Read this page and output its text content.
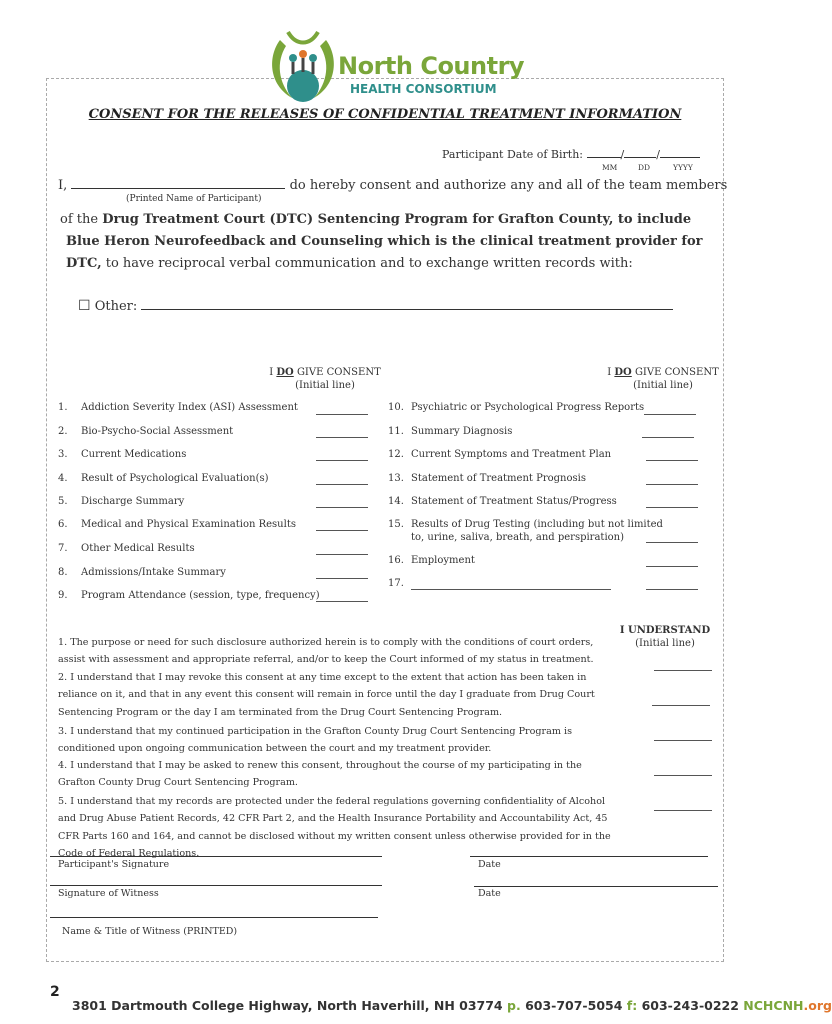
North Country
HEALTH CONSORTIUM
CONSENT FOR THE RELEASES OF CONFIDENTIAL TREATMENT INFORMATION
Participant Date of Birth:	/	/
MM	DD	YYYY
I,	do hereby consent and authorize any and all of the team members
(Printed Name of Participant)
of the Drug Treatment Court (DTC) Sentencing Program for Grafton County, to include
Blue Heron Neurofeedback and Counseling which is the clinical treatment provider for
DTC, to have reciprocal verbal communication and to exchange written records with:
☐ Other:
I DO GIVE CONSENT
(Initial line)
I DO GIVE CONSENT
(Initial line)
1. Addiction Severity Index (ASI) Assessment
2. Bio-Psycho-Social Assessment
3. Current Medications
4. Result of Psychological Evaluation(s)
5. Discharge Summary
6. Medical and Physical Examination Results
7. Other Medical Results
8. Admissions/Intake Summary
9. Program Attendance (session, type, frequency)
10. Psychiatric or Psychological Progress Reports
11. Summary Diagnosis
12. Current Symptoms and Treatment Plan
13. Statement of Treatment Prognosis
14. Statement of Treatment Status/Progress
15. Results of Drug Testing (including but not limited
to, urine, saliva, breath, and perspiration)
16. Employment
17.
I UNDERSTAND
(Initial line)
1. The purpose or need for such disclosure authorized herein is to comply with the conditions of court orders, assist with assessment and appropriate referral, and/or to keep the Court informed of my status in treatment.
2. I understand that I may revoke this consent at any time except to the extent that action has been taken in reliance on it, and that in any event this consent will remain in force until the day I graduate from Drug Court Sentencing Program or the day I am terminated from the Drug Court Sentencing Program.
3. I understand that my continued participation in the Grafton County Drug Court Sentencing Program is conditioned upon ongoing communication between the court and my treatment provider.
4. I understand that I may be asked to renew this consent, throughout the course of my participating in the Grafton County Drug Court Sentencing Program.
5. I understand that my records are protected under the federal regulations governing confidentiality of Alcohol and Drug Abuse Patient Records, 42 CFR Part 2, and the Health Insurance Portability and Accountability Act, 45 CFR Parts 160 and 164, and cannot be disclosed without my written consent unless otherwise provided for in the Code of Federal Regulations.
Participant's Signature	Date
Signature of Witness	Date
Name & Title of Witness (PRINTED)
2
3801 Dartmouth College Highway, North Haverhill, NH 03774 p. 603-707-5054 f: 603-243-0222 NCHCNH.org
